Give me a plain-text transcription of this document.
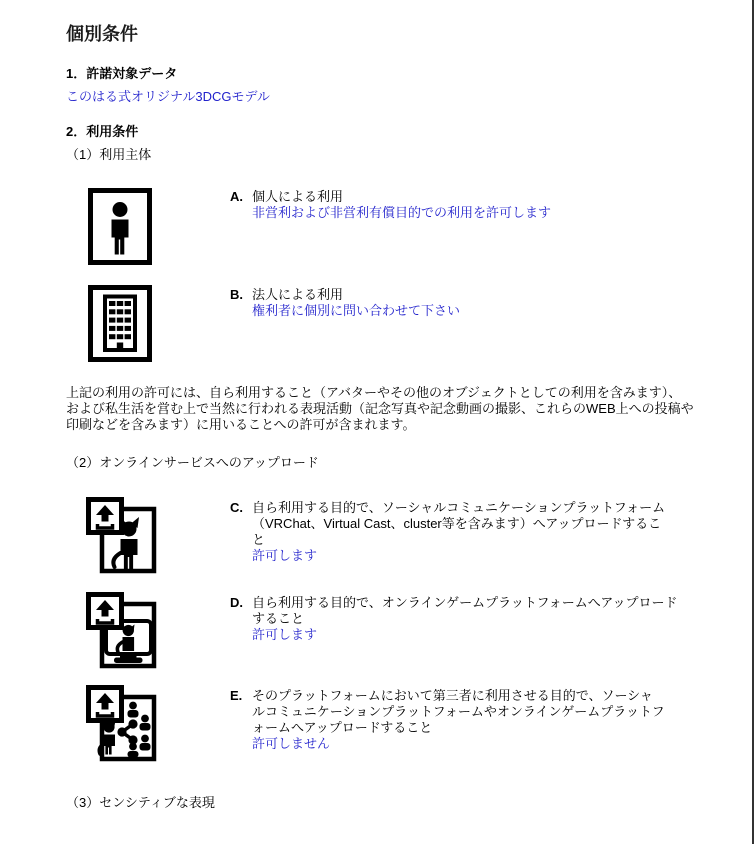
個別条件
1．許諾対象データ
このはる式オリジナル3DCGモデル
2．利用条件
（1）利用主体
A. 個人による利用
非営利および非営利有償目的での利用を許可します
B. 法人による利用
権利者に個別に問い合わせて下さい
上記の利用の許可には、自ら利用すること（アバターやその他のオブジェクトとしての利用を含みます）、および私生活を営む上で当然に行われる表現活動（記念写真や記念動画の撮影、これらのWEB上への投稿や印刷などを含みます）に用いることへの許可が含まれます。
（2）オンラインサービスへのアップロード
C. 自ら利用する目的で、ソーシャルコミュニケーションプラットフォーム（VRChat、Virtual Cast、cluster等を含みます）へアップロードすること
許可します
D. 自ら利用する目的で、オンラインゲームプラットフォームへアップロードすること
許可します
E. そのプラットフォームにおいて第三者に利用させる目的で、ソーシャルコミュニケーションプラットフォームやオンラインゲームプラットフォームへアップロードすること
許可しません
（3）センシティブな表現
